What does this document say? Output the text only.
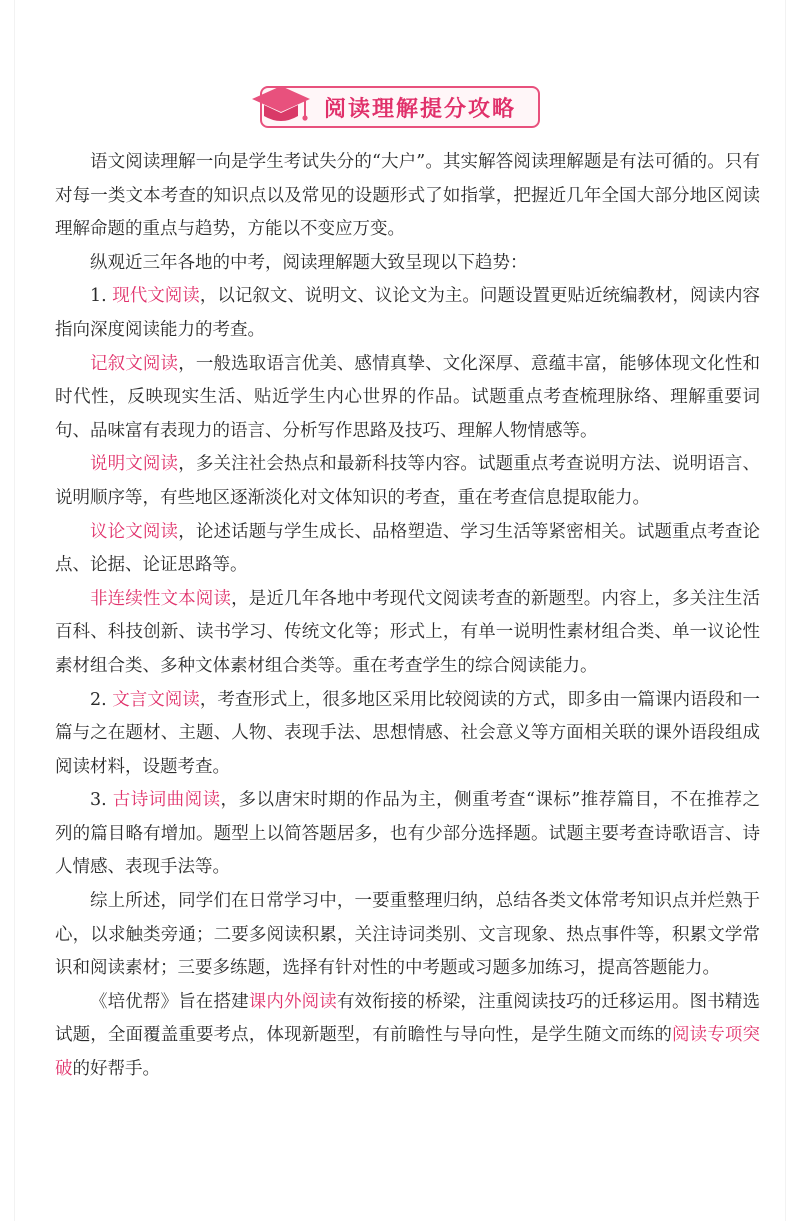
阅读理解提分攻略

语文阅读理解一向是学生考试失分的“大户”。其实解答阅读理解题是有法可循的。只有对每一类文本考查的知识点以及常见的设题形式了如指掌，把握近几年全国大部分地区阅读理解命题的重点与趋势，方能以不变应万变。

纵观近三年各地的中考，阅读理解题大致呈现以下趋势：

1. 现代文阅读，以记叙文、说明文、议论文为主。问题设置更贴近统编教材，阅读内容指向深度阅读能力的考查。

记叙文阅读，一般选取语言优美、感情真挚、文化深厚、意蕴丰富，能够体现文化性和时代性，反映现实生活、贴近学生内心世界的作品。试题重点考查梳理脉络、理解重要词句、品味富有表现力的语言、分析写作思路及技巧、理解人物情感等。

说明文阅读，多关注社会热点和最新科技等内容。试题重点考查说明方法、说明语言、说明顺序等，有些地区逐渐淡化对文体知识的考查，重在考查信息提取能力。

议论文阅读，论述话题与学生成长、品格塑造、学习生活等紧密相关。试题重点考查论点、论据、论证思路等。

非连续性文本阅读，是近几年各地中考现代文阅读考查的新题型。内容上，多关注生活百科、科技创新、读书学习、传统文化等；形式上，有单一说明性素材组合类、单一议论性素材组合类、多种文体素材组合类等。重在考查学生的综合阅读能力。

2. 文言文阅读，考查形式上，很多地区采用比较阅读的方式，即多由一篇课内语段和一篇与之在题材、主题、人物、表现手法、思想情感、社会意义等方面相关联的课外语段组成阅读材料，设题考查。

3. 古诗词曲阅读，多以唐宋时期的作品为主，侧重考查“课标”推荐篇目，不在推荐之列的篇目略有增加。题型上以简答题居多，也有少部分选择题。试题主要考查诗歌语言、诗人情感、表现手法等。

综上所述，同学们在日常学习中，一要重整理归纳，总结各类文体常考知识点并烂熟于心，以求触类旁通；二要多阅读积累，关注诗词类别、文言现象、热点事件等，积累文学常识和阅读素材；三要多练题，选择有针对性的中考题或习题多加练习，提高答题能力。

《培优帮》旨在搭建课内外阅读有效衔接的桥梁，注重阅读技巧的迁移运用。图书精选试题，全面覆盖重要考点，体现新题型，有前瞻性与导向性，是学生随文而练的阅读专项突破的好帮手。
